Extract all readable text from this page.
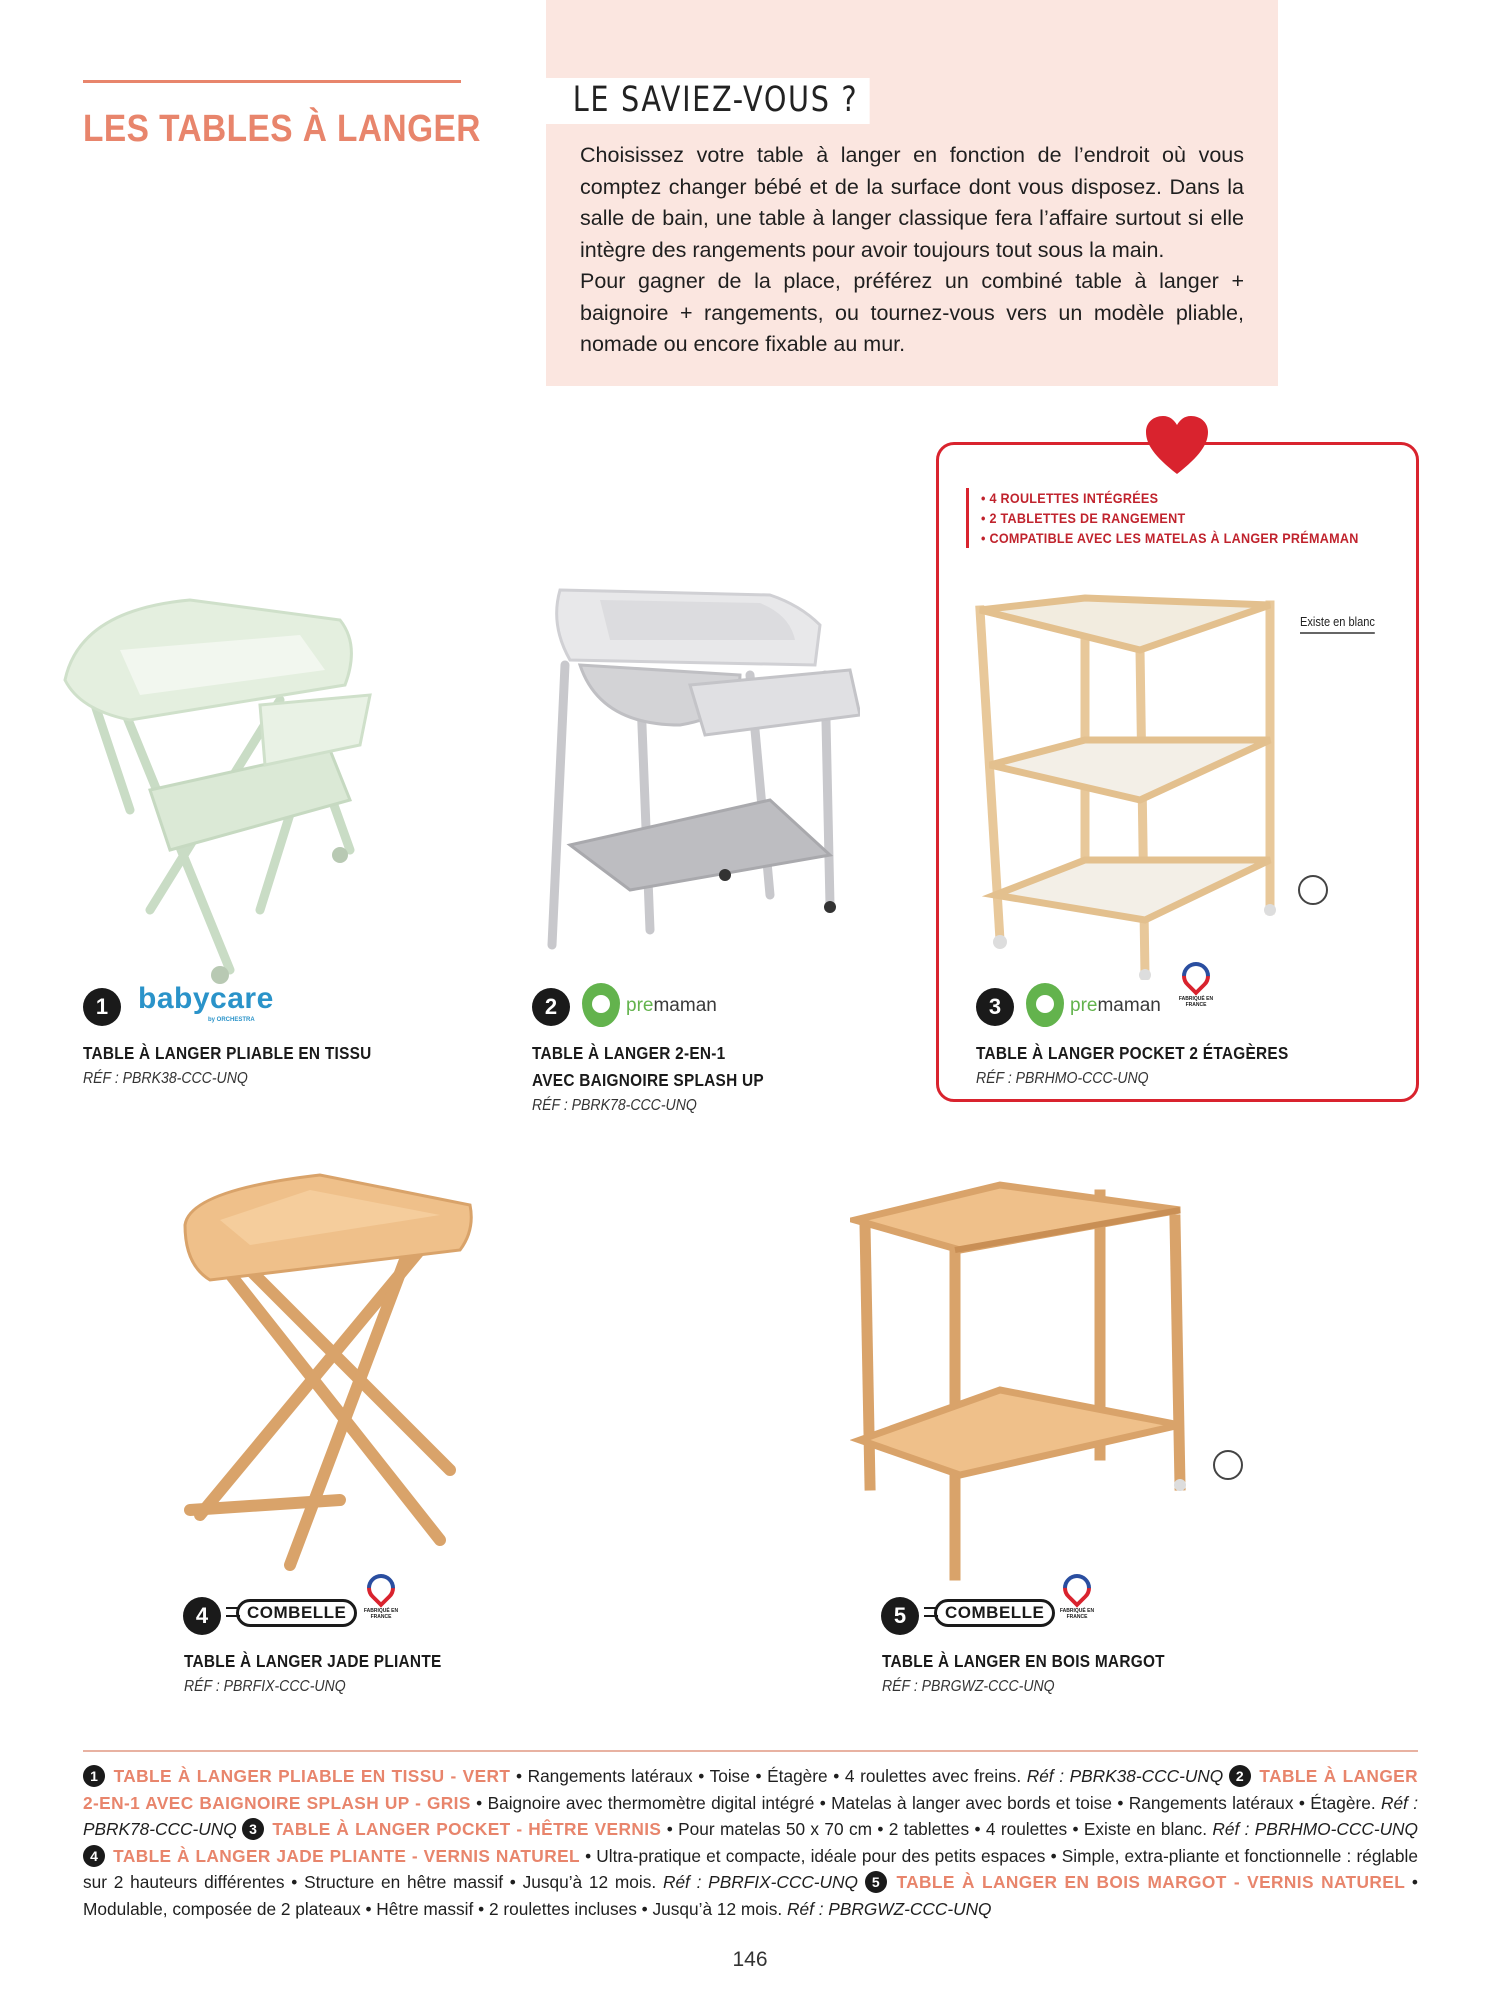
LES TABLES À LANGER
LE SAVIEZ-VOUS ?

Choisissez votre table à langer en fonction de l’endroit où vous comptez changer bébé et de la surface dont vous disposez. Dans la salle de bain, une table à langer classique fera l’affaire surtout si elle intègre des rangements pour avoir toujours tout sous la main.

Pour gagner de la place, préférez un combiné table à langer + baignoire + rangements, ou tournez-vous vers un modèle pliable, nomade ou encore fixable au mur.

• 4 ROULETTES INTÉGRÉES
• 2 TABLETTES DE RANGEMENT
• COMPATIBLE AVEC LES MATELAS À LANGER PRÉMAMAN
Existe en blanc
1 babycare
by ORCHESTRA
TABLE À LANGER PLIABLE EN TISSU
RÉF : PBRK38-CCC-UNQ
2	premaman
TABLE À LANGER 2-EN-1
AVEC BAIGNOIRE SPLASH UP
RÉF : PBRK78-CCC-UNQ
3	premaman	FABRIQUÉ EN FRANCE
TABLE À LANGER POCKET 2 ÉTAGÈRES
RÉF : PBRHMO-CCC-UNQ
4	COMBELLE	FABRIQUÉ EN FRANCE
TABLE À LANGER JADE PLIANTE
RÉF : PBRFIX-CCC-UNQ
5	COMBELLE	FABRIQUÉ EN FRANCE
TABLE À LANGER EN BOIS MARGOT
RÉF : PBRGWZ-CCC-UNQ
1 TABLE À LANGER PLIABLE EN TISSU - VERT • Rangements latéraux • Toise • Étagère • 4 roulettes avec freins. Réf : PBRK38-CCC-UNQ 2 TABLE À LANGER 2-EN-1 AVEC BAIGNOIRE SPLASH UP - GRIS • Baignoire avec thermomètre digital intégré • Matelas à langer avec bords et toise • Rangements latéraux • Étagère. Réf : PBRK78-CCC-UNQ 3 TABLE À LANGER POCKET - HÊTRE VERNIS • Pour matelas 50 x 70 cm • 2 tablettes • 4 roulettes • Existe en blanc. Réf : PBRHMO-CCC-UNQ 4 TABLE À LANGER JADE PLIANTE - VERNIS NATUREL • Ultra-pratique et compacte, idéale pour des petits espaces • Simple, extra-pliante et fonctionnelle : réglable sur 2 hauteurs différentes • Structure en hêtre massif • Jusqu’à 12 mois. Réf : PBRFIX-CCC-UNQ 5 TABLE À LANGER EN BOIS MARGOT - VERNIS NATUREL • Modulable, composée de 2 plateaux • Hêtre massif • 2 roulettes incluses • Jusqu’à 12 mois. Réf : PBRGWZ-CCC-UNQ
146
